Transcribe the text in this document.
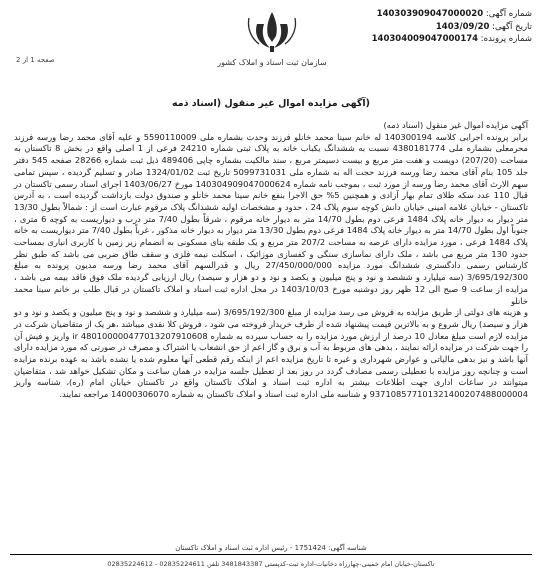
شماره آگهی: 140303909047000020
تاریخ آگهی: 1403/09/20
شماره پرونده: 140304009047000174
سازمان ثبت اسناد و املاک کشور
صفحه 1 از 2
(آگهی مزایده اموال غیر منقول (اسناد ذمه

آگهی مزایده اموال غیر منقول (اسناد ذمه)

برابر پرونده اجرایی کلاسه 140300194 له خانم سینا محمد خانلو فرزند وحدت بشماره ملی 5590110009 و علیه آقای محمد رضا ورسه فرزند محرمعلی بشماره ملی 4380181774 نسبت به ششدانگ یکباب خانه به پلاک ثبتی شماره 24210 فرعی از 1 اصلی واقع در بخش 8 تاکستان به مساحت (207/20) دویست و هفت متر مربع و بیست دسیمتر مربع ، سند مالکیت بشماره چاپی 489406 ذیل ثبت شماره 28266 صفحه 545 دفتر جلد 105 بنام آقای محمد رضا ورسه فرزند حجت اله به شماره ملی 5099731031 تاریخ ثبت 1324/01/02 صادر و تسلیم گردیده ، سپس تمامی سهم الارث آقای محمد رضا ورسه از مورد ثبت ، بموجب نامه شماره 140304909047000624 مورخ 1403/06/27 اجرای اسناد رسمی تاکستان در قبال 110 عدد سکه طلای تمام بهار آزادی و همچنین 5% حق الاجرا بنفع خانم سینا محمد خانلو و صندوق دولت بازداشت گردیده است ، به آدرس تاکستان - خیابان علامه امینی خیابان دانش کوچه سوم پلاک 24 ، حدود و مشخصات اولیه ششدانگ پلاک مرقوم عبارت است از : شمالاً بطول 13/30 متر دیوار به دیوار خانه پلاک 1484 فرعی دوم بطول 14/70 متر به دیوار خانه مرقوم ، شرقاً بطول 7/40 متر درب و دیواریست به کوچه 6 متری ، جنوباً اول بطول 14/70 متر به دیوار خانه پلاک 1484 فرعی دوم بطول 13/30 متر دیوار به دیوار خانه مذکور ، غرباً بطول 7/40 متر دیواریست به خانه پلاک 1484 فرعی ، مورد مزایده دارای عرصه به مساحت 207/2 متر مربع و یک طبقه بنای مسکونی به انضمام زیر زمین با کاربری انباری بمساحت حدود 130 متر مربع می باشد ، ملک دارای نماسازی سنگی و کفسازی موزائیک ، اسکلت نیمه فلزی و سقف طاق ضربی می باشد که طبق نظر کارشناس رسمی دادگستری ششدانگ مورد مزایده 27/450/000/000 ریال و قدرالسهم آقای محمد رضا ورسه مدیون پرونده به مبلغ 3/695/192/300 (سه میلیارد و ششصد و نود و پنج میلیون و یکصد و نود و دو هزار و سیصد) ریال ارزیابی گردیده ملک فوق فاقد بیمه می باشد ، مزایده از ساعت 9 صبح الی 12 ظهر روز دوشنبه مورخ 1403/10/03 در محل اداره ثبت اسناد و املاک تاکستان در قبال طلب بر خانم سینا محمد خانلو

و هزینه های دولتی از طریق مزایده به فروش می رسد مزایده از مبلغ 3/695/192/300 (سه میلیارد و ششصد و نود و پنج میلیون و یکصد و نود و دو هزار و سیصد) ریال شروع و به بالاترین قیمت پیشنهاد شده از طرف خریدار فروخته می شود ، فروش کلا نقدی میباشد ،هر یک از متقاضیان شرکت در مزایده لازم است مبلغ معادل 10 درصد از ارزش مورد مزایده را به حساب سپرده به شماره 480100000477013207910608 ir واریز و فیش آن را جهت شرکت در مزایده ارائه نمایند ، بدهی های مربوط به آب و برق و گاز اعم از حق انشعاب یا اشتراک و مصرف در صورتی که مورد مزایده دارای آنها باشد و نیز بدهی مالیاتی و عوارض شهرداری و غیره تا تاریخ مزایده اعم از اینکه رقم قطعی آنها معلوم شده یا نشده باشد به عهده برنده مزایده است و چنانچه روز مزایده با تعطیلی رسمی مصادف گردد در روز بعد از تعطیل جلسه مزایده در همان ساعت و مکان تشکیل خواهد شد ، متقاضیان میتوانند در ساعات اداری جهت اطلاعات بیشتر به اداره ثبت اسناد و املاک تاکستان واقع در تاکستان خیابان امام (ره)، شناسه واریز 937108577101321400207488000004 و شناسه ملی اداره ثبت اسناد و املاک تاکستان به شماره 14000306070 مراجعه نمایند.

شناسه آگهی: 1751424 - رئیس اداره ثبت اسناد و املاک تاکستان
تاکستان-خیابان امام خمینی-چهارراه دخانیات-اداره ثبت-کدپستی 3481843387 تلفن 02835224611 - 02835224612
